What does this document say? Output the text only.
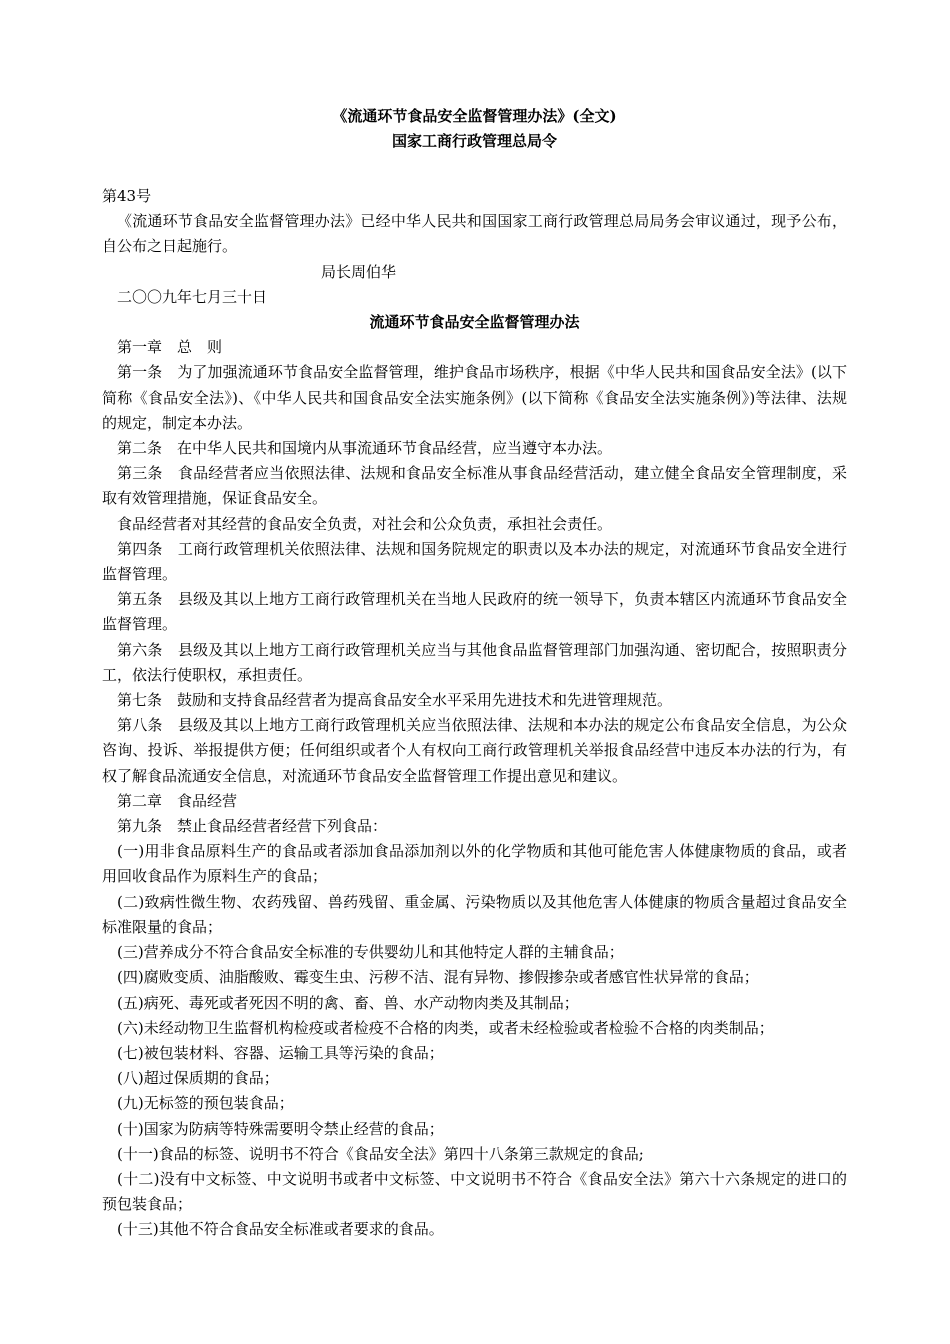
《流通环节食品安全监督管理办法》(全文)
国家工商行政管理总局令

第43号

《流通环节食品安全监督管理办法》已经中华人民共和国国家工商行政管理总局局务会审议通过，现予公布，自公布之日起施行。

局长周伯华

二〇〇九年七月三十日

流通环节食品安全监督管理办法

第一章　总　则

第一条　为了加强流通环节食品安全监督管理，维护食品市场秩序，根据《中华人民共和国食品安全法》(以下简称《食品安全法》)、《中华人民共和国食品安全法实施条例》(以下简称《食品安全法实施条例》)等法律、法规的规定，制定本办法。

第二条　在中华人民共和国境内从事流通环节食品经营，应当遵守本办法。

第三条　食品经营者应当依照法律、法规和食品安全标准从事食品经营活动，建立健全食品安全管理制度，采取有效管理措施，保证食品安全。

食品经营者对其经营的食品安全负责，对社会和公众负责，承担社会责任。

第四条　工商行政管理机关依照法律、法规和国务院规定的职责以及本办法的规定，对流通环节食品安全进行监督管理。

第五条　县级及其以上地方工商行政管理机关在当地人民政府的统一领导下，负责本辖区内流通环节食品安全监督管理。

第六条　县级及其以上地方工商行政管理机关应当与其他食品监督管理部门加强沟通、密切配合，按照职责分工，依法行使职权，承担责任。

第七条　鼓励和支持食品经营者为提高食品安全水平采用先进技术和先进管理规范。

第八条　县级及其以上地方工商行政管理机关应当依照法律、法规和本办法的规定公布食品安全信息，为公众咨询、投诉、举报提供方便；任何组织或者个人有权向工商行政管理机关举报食品经营中违反本办法的行为，有权了解食品流通安全信息，对流通环节食品安全监督管理工作提出意见和建议。

第二章　食品经营

第九条　禁止食品经营者经营下列食品：

(一)用非食品原料生产的食品或者添加食品添加剂以外的化学物质和其他可能危害人体健康物质的食品，或者用回收食品作为原料生产的食品；

(二)致病性微生物、农药残留、兽药残留、重金属、污染物质以及其他危害人体健康的物质含量超过食品安全标准限量的食品；

(三)营养成分不符合食品安全标准的专供婴幼儿和其他特定人群的主辅食品；

(四)腐败变质、油脂酸败、霉变生虫、污秽不洁、混有异物、掺假掺杂或者感官性状异常的食品；

(五)病死、毒死或者死因不明的禽、畜、兽、水产动物肉类及其制品；

(六)未经动物卫生监督机构检疫或者检疫不合格的肉类，或者未经检验或者检验不合格的肉类制品；

(七)被包装材料、容器、运输工具等污染的食品；

(八)超过保质期的食品；

(九)无标签的预包装食品；

(十)国家为防病等特殊需要明令禁止经营的食品；

(十一)食品的标签、说明书不符合《食品安全法》第四十八条第三款规定的食品;

(十二)没有中文标签、中文说明书或者中文标签、中文说明书不符合《食品安全法》第六十六条规定的进口的预包装食品；

(十三)其他不符合食品安全标准或者要求的食品。
